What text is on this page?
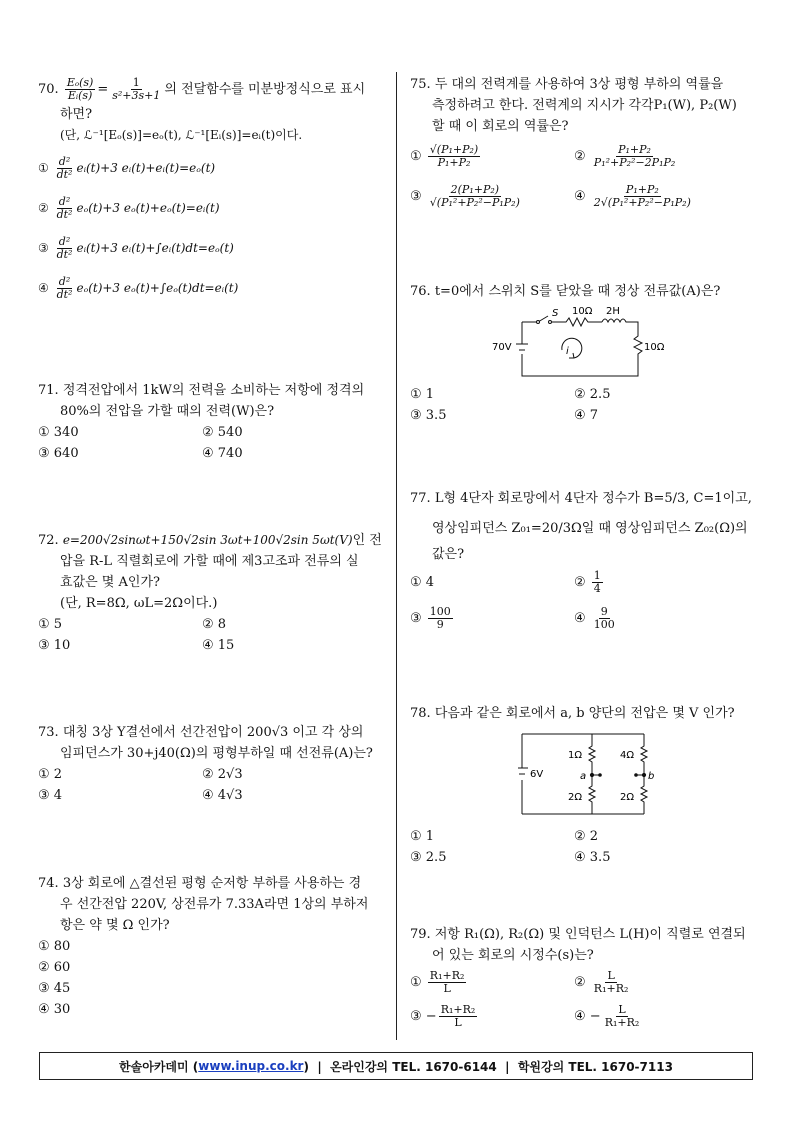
70. $\frac{\text{Eₒ(s)}}{\text{Eᵢ(s)}} = \frac{1}{\text{s²+3s+1}}$ 의 전달함수를 미분방정식으로 표시

하면?

(단, ℒ⁻¹[Eₒ(s)]=eₒ(t), ℒ⁻¹[Eᵢ(s)]=eᵢ(t)이다.

① $\frac{\text{d²}}{\text{dt²}}$ eᵢ(t)+3 eᵢ(t)+eᵢ(t)=eₒ(t)
② $\frac{\text{d²}}{\text{dt²}} e_o(t)+3$ eₒ(t)+eₒ(t)=eᵢ(t)
③ $\frac{\text{d²}}{\text{dt²}}$ eᵢ(t)+3 eᵢ(t)+∫eᵢ(t)dt=eₒ(t)
④ $\frac{\text{d²}}{\text{dt²}} e_o(t)+3$ eₒ(t)+∫eₒ(t)dt=eᵢ(t)

71. 정격전압에서 1kW의 전력을 소비하는 저항에 정격의

80%의 전압을 가할 때의 전력(W)은?

① 340	② 540
③ 640	④ 740

72. e=200√2sinωt+150√2sin 3ωt+100√2sin 5ωt(V)인 전

압을 R-L 직렬회로에 가할 때에 제3고조파 전류의 실

효값은 몇 A인가?

(단, R=8Ω, ωL=2Ω이다.)

① 5	② 8
③ 10	④ 15

73. 대칭 3상 Y결선에서 선간전압이 200√3 이고 각 상의

임피던스가 30+j40(Ω)의 평형부하일 때 선전류(A)는?

① 2	② 2√3
③ 4	④ 4√3

74. 3상 회로에 △결선된 평형 순저항 부하를 사용하는 경

우 선간전압 220V, 상전류가 7.33A라면 1상의 부하저

항은 약 몇 Ω 인가?

① 80
② 60
③ 45
④ 30

75. 두 대의 전력계를 사용하여 3상 평형 부하의 역률을

측정하려고 한다. 전력계의 지시가 각각P₁(W), P₂(W)

할 때 이 회로의 역률은?

① $\frac{\text{√(P₁+P₂)}}{\text{P₁+P₂}}$	② $\frac{\text{P₁+P₂}}{\text{P₁²+P₂²−2P₁P₂}}$
③ $\frac{\text{2(P₁+P₂)}}{\text{√(P₁²+P₂²−P₁P₂)}}$	④ $\frac{\text{P₁+P₂}}{\text{2√(P₁²+P₂²−P₁P₂)}}$

76. t=0에서 스위치 S를 닫았을 때 정상 전류값(A)은?

S 10Ω 2H
70V	i	10Ω
① 1	② 2.5
③ 3.5	④ 7

77. L형 4단자 회로망에서 4단자 정수가 B=5/3, C=1이고,

영상임피던스 Z₀₁=20/3Ω일 때 영상임피던스 Z₀₂(Ω)의

값은?

① 4	② $\frac{1}{4}$
③ $\frac{100}{9}$	④ $\frac{9}{100}$

78. 다음과 같은 회로에서 a, b 양단의 전압은 몇 V 인가?

6V
1Ω
2Ω
4Ω
2Ω
a	b
① 1	② 2
③ 2.5	④ 3.5

79. 저항 R₁(Ω), R₂(Ω) 및 인덕턴스 L(H)이 직렬로 연결되

어 있는 회로의 시정수(s)는?

① $\frac{\text{R₁+R₂}}{L}$	② $\frac{L}{\text{R₁+R₂}}$
③ − $\frac{\text{R₁+R₂}}{L}$	④ − $\frac{L}{\text{R₁+R₂}}$
한솔아카데미 ( www.inup.co.kr )  |  온라인강의 TEL. 1670-6144  |  학원강의 TEL. 1670-7113
